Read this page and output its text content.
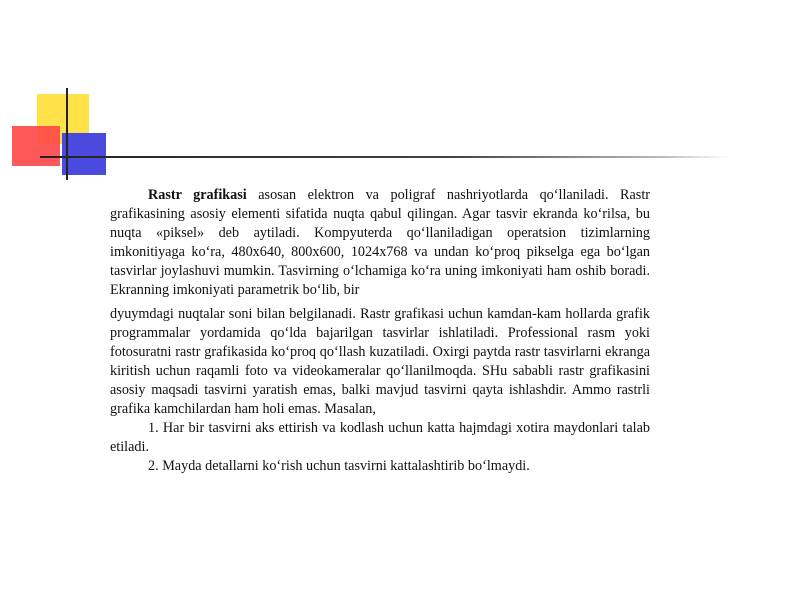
Rastr grafikasi asosan elektron va poligraf nashriyotlarda qo‘llaniladi. Rastr grafikasining asosiy elementi sifatida nuqta qabul qilingan. Agar tasvir ekranda ko‘rilsa, bu nuqta «piksel» deb aytiladi. Kompyuterda qo‘llaniladigan operatsion tizimlarning imkonitiyaga ko‘ra, 480x640, 800x600, 1024x768 va undan ko‘proq pikselga ega bo‘lgan tasvirlar joylashuvi mumkin. Tasvirning o‘lchamiga ko‘ra uning imkoniyati ham oshib boradi. Ekranning imkoniyati parametrik bo‘lib, bir

dyuymdagi nuqtalar soni bilan belgilanadi. Rastr grafikasi uchun kamdan-kam hollarda grafik programmalar yordamida qo‘lda bajarilgan tasvirlar ishlatiladi. Professional rasm yoki fotosuratni rastr grafikasida ko‘proq qo‘llash kuzatiladi. Oxirgi paytda rastr tasvirlarni ekranga kiritish uchun raqamli foto va videokameralar qo‘llanilmoqda. SHu sababli rastr grafikasini asosiy maqsadi tasvirni yaratish emas, balki mavjud tasvirni qayta ishlashdir. Ammo rastrli grafika kamchilardan ham holi emas. Masalan,

1. Har bir tasvirni aks ettirish va kodlash uchun katta hajmdagi xotira maydonlari talab etiladi.

2. Mayda detallarni ko‘rish uchun tasvirni kattalashtirib bo‘lmaydi.
